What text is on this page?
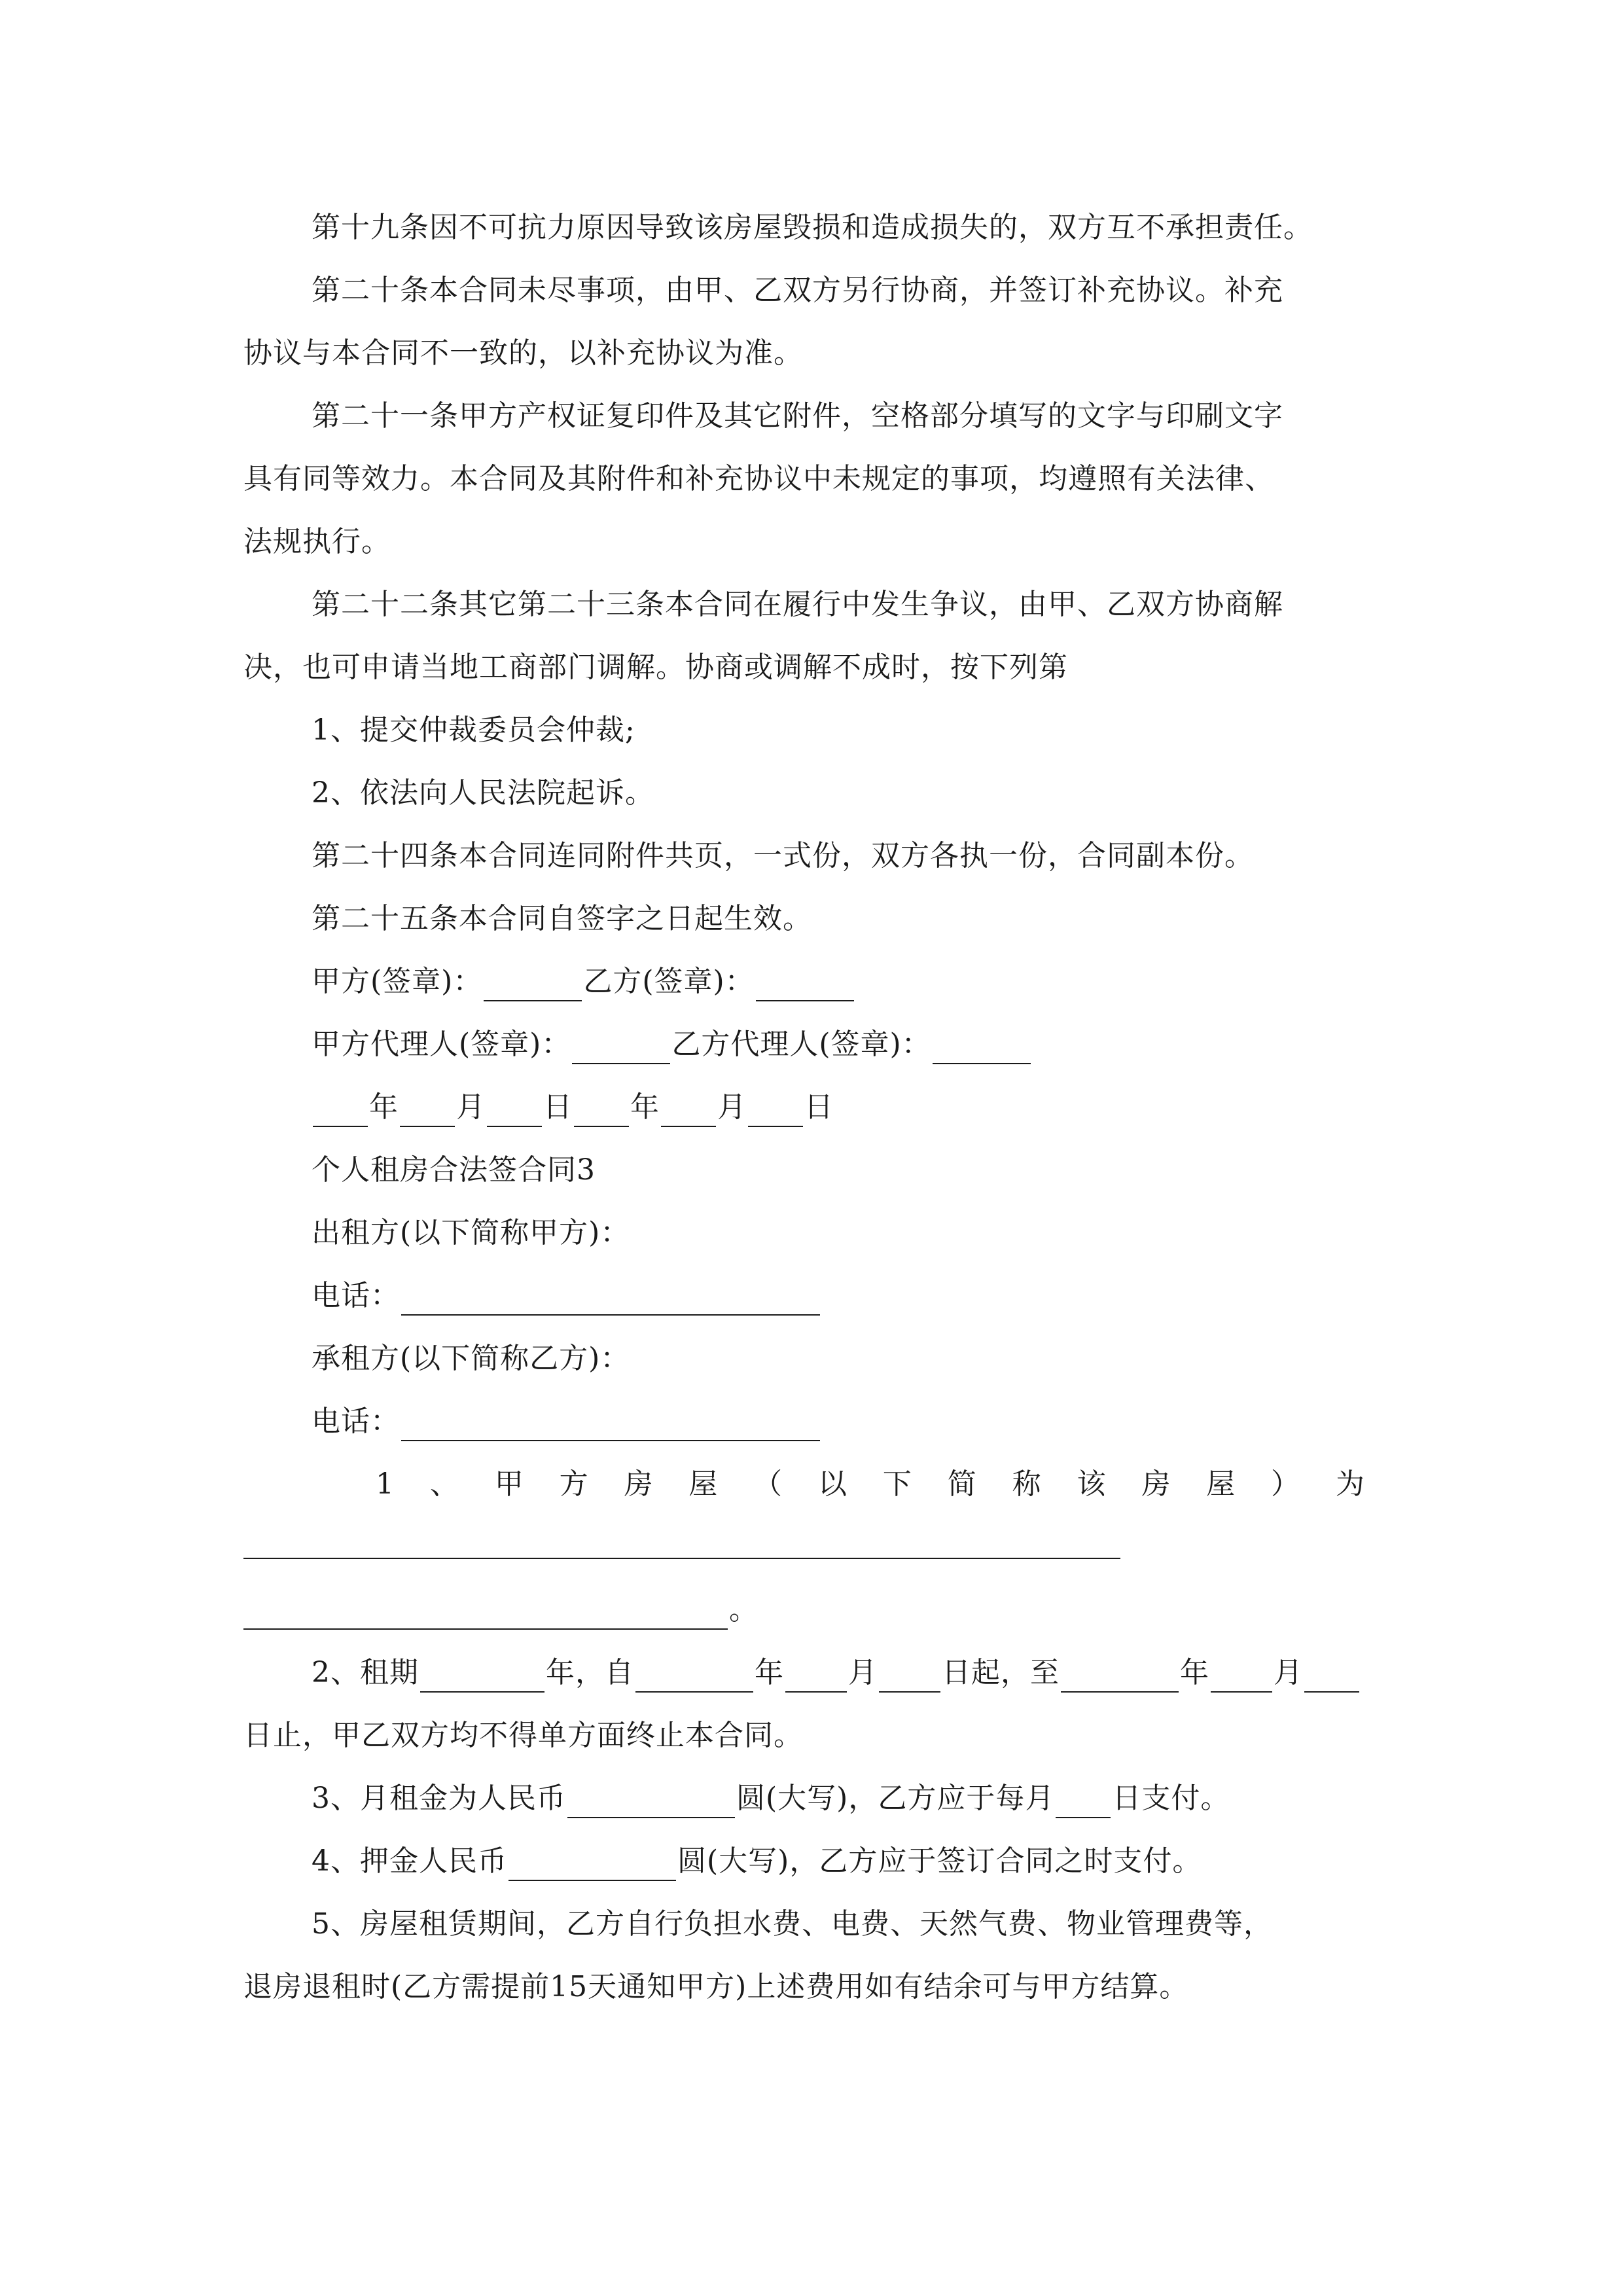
第十九条因不可抗力原因导致该房屋毁损和造成损失的，双方互不承担责任。
第二十条本合同未尽事项，由甲、乙双方另行协商，并签订补充协议。补充
协议与本合同不一致的，以补充协议为准。
第二十一条甲方产权证复印件及其它附件，空格部分填写的文字与印刷文字
具有同等效力。本合同及其附件和补充协议中未规定的事项，均遵照有关法律、
法规执行。
第二十二条其它第二十三条本合同在履行中发生争议，由甲、乙双方协商解
决，也可申请当地工商部门调解。协商或调解不成时，按下列第
1、提交仲裁委员会仲裁;
2、依法向人民法院起诉。
第二十四条本合同连同附件共页，一式份，双方各执一份，合同副本份。
第二十五条本合同自签字之日起生效。
甲方(签章)：	乙方(签章)：
甲方代理人(签章)：	乙方代理人(签章)：
年 月 日 年 月 日
个人租房合法签合同3
出租方(以下简称甲方)：
电话：
承租方(以下简称乙方)：
电话：
1 、 甲 方 房 屋 （ 以 下 简 称 该 房 屋 ） 为
。
2、租期	年，自	年 月 日起，至	年 月
日止，甲乙双方均不得单方面终止本合同。
3、月租金为人民币	圆(大写)，乙方应于每月 日支付。
4、押金人民币	圆(大写)，乙方应于签订合同之时支付。
5、房屋租赁期间，乙方自行负担水费、电费、天然气费、物业管理费等，
退房退租时(乙方需提前15天通知甲方)上述费用如有结余可与甲方结算。
